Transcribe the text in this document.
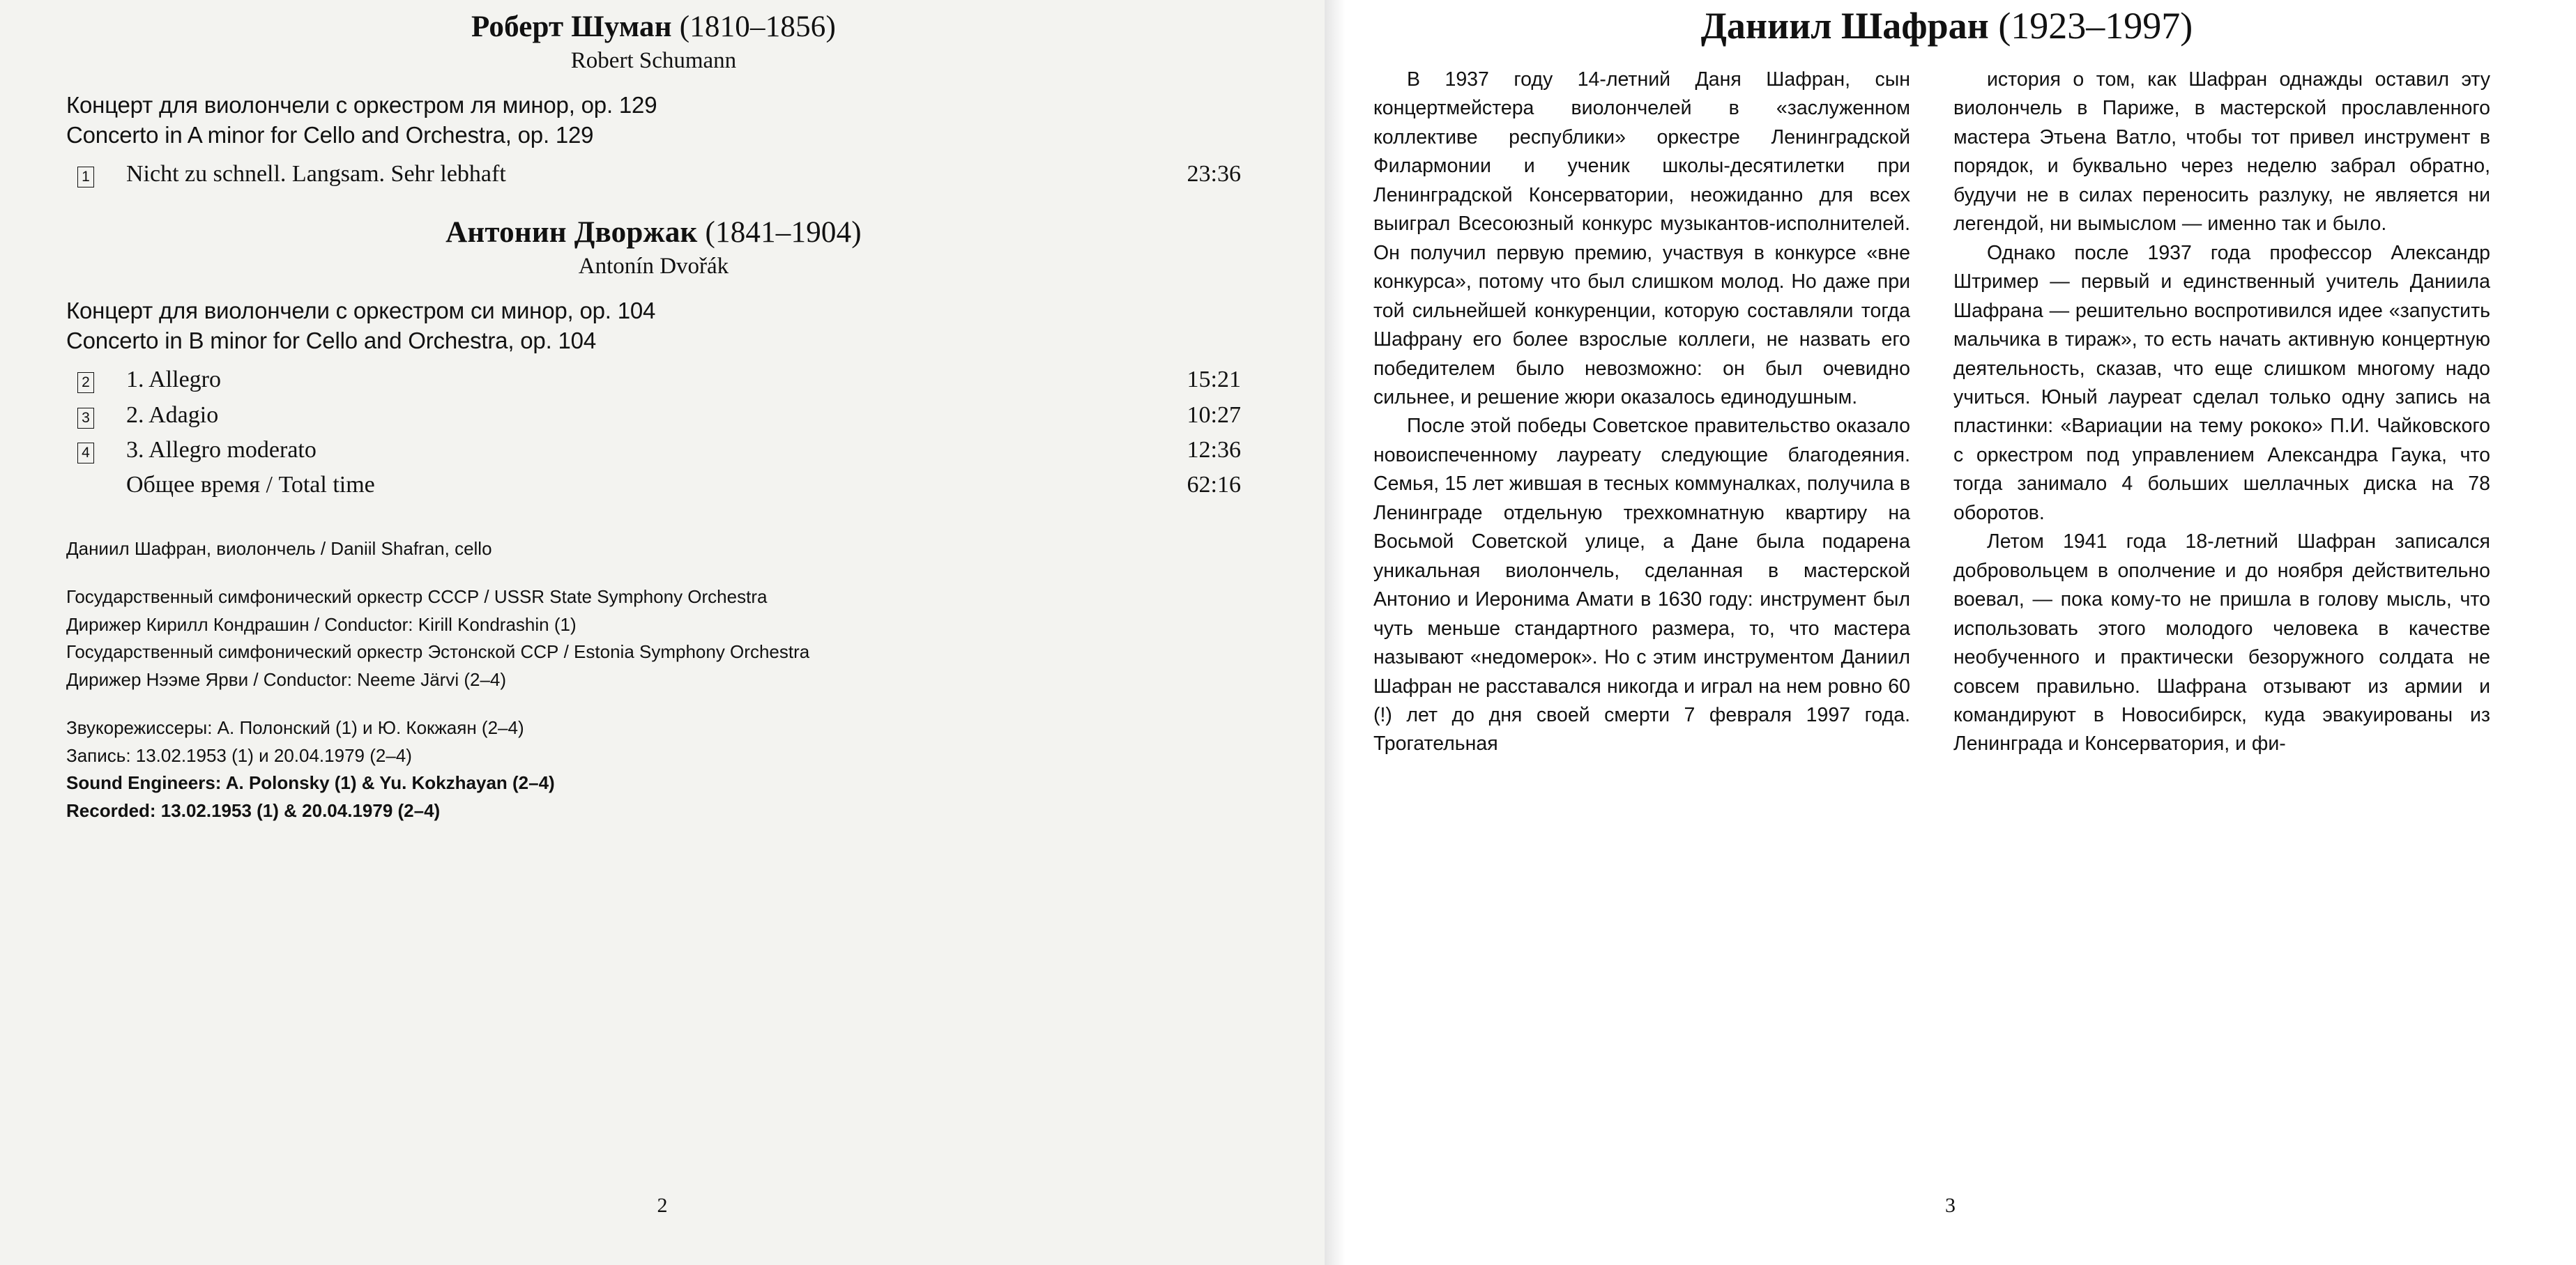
Роберт Шуман (1810–1856)
Robert Schumann
Концерт для виолончели с оркестром ля минор, ор. 129
Concerto in A minor for Cello and Orchestra, op. 129
1	Nicht zu schnell. Langsam. Sehr lebhaft	23:36
Антонин Дворжак (1841–1904)
Antonín Dvořák
Концерт для виолончели с оркестром си минор, ор. 104
Concerto in B minor for Cello and Orchestra, op. 104
2	1. Allegro	15:21
3	2. Adagio	10:27
4	3. Allegro moderato	12:36

Общее время / Total time	62:16
Даниил Шафран, виолончель / Daniil Shafran, cello
Государственный симфонический оркестр СССР / USSR State Symphony Orchestra
Дирижер Кирилл Кондрашин / Conductor: Kirill Kondrashin (1)
Государственный симфонический оркестр Эстонской ССР / Estonia Symphony Orchestra
Дирижер Нээме Ярви / Conductor: Neeme Järvi (2–4)
Звукорежиссеры: А. Полонский (1) и Ю. Кокжаян (2–4)
Запись: 13.02.1953 (1) и 20.04.1979 (2–4)
Sound Engineers: A. Polonsky (1) & Yu. Kokzhayan (2–4)
Recorded: 13.02.1953 (1) & 20.04.1979 (2–4)
2
Даниил Шафран (1923–1997)

В 1937 году 14-летний Даня Шафран, сын концертмейстера виолончелей в «заслуженном коллективе республики» оркестре Ленинградской Филармонии и ученик школы-десятилетки при Ленинградской Консерватории, неожиданно для всех выиграл Всесоюзный конкурс музыкантов-исполнителей. Он получил первую премию, участвуя в конкурсе «вне конкурса», потому что был слишком молод. Но даже при той сильнейшей конкуренции, которую составляли тогда Шафрану его более взрослые коллеги, не назвать его победителем было невозможно: он был очевидно сильнее, и решение жюри оказалось единодушным.

После этой победы Советское правительство оказало новоиспеченному лауреату следующие благодеяния. Семья, 15 лет жившая в тесных коммуналках, получила в Ленинграде отдельную трехкомнатную квартиру на Восьмой Советской улице, а Дане была подарена уникальная виолончель, сделанная в мастерской Антонио и Иеронима Амати в 1630 году: инструмент был чуть меньше стандартного размера, то, что мастера называют «недомерок». Но с этим инструментом Даниил Шафран не расставался никогда и играл на нем ровно 60 (!) лет до дня своей смерти 7 февраля 1997 года. Трогательная

история о том, как Шафран однажды оставил эту виолончель в Париже, в мастерской прославленного мастера Этьена Ватло, чтобы тот привел инструмент в порядок, и буквально через неделю забрал обратно, будучи не в силах переносить разлуку, не является ни легендой, ни вымыслом — именно так и было.

Однако после 1937 года профессор Александр Штример — первый и единственный учитель Даниила Шафрана — решительно воспротивился идее «запустить мальчика в тираж», то есть начать активную концертную деятельность, сказав, что еще слишком многому надо учиться. Юный лауреат сделал только одну запись на пластинки: «Вариации на тему рококо» П.И. Чайковского с оркестром под управлением Александра Гаука, что тогда занимало 4 больших шеллачных диска на 78 оборотов.

Летом 1941 года 18-летний Шафран записался добровольцем в ополчение и до ноября действительно воевал, — пока кому-то не пришла в голову мысль, что использовать этого молодого человека в качестве необученного и практически безоружного солдата не совсем правильно. Шафрана отзывают из армии и командируют в Новосибирск, куда эвакуированы из Ленинграда и Консерватория, и фи-

3
